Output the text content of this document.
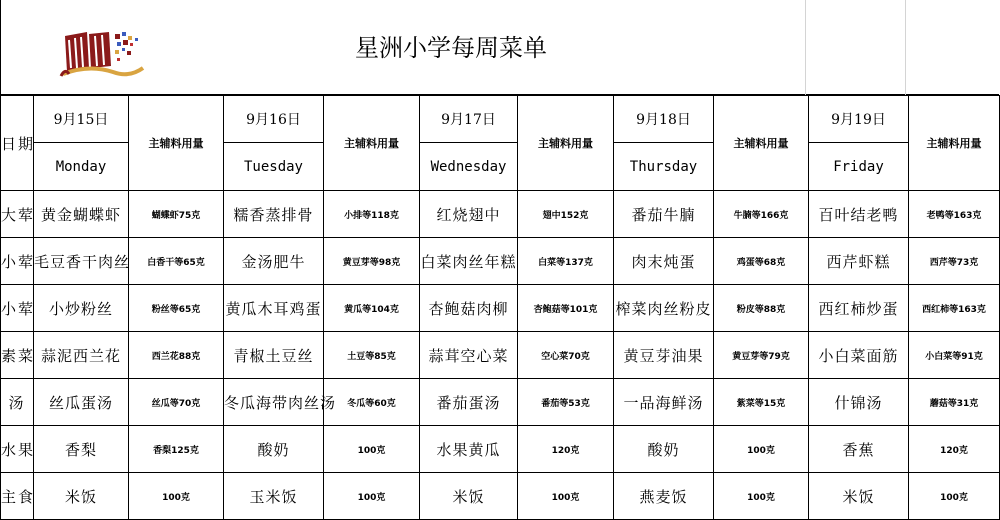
星洲小学每周菜单
日期	9月15日	主辅料用量	9月16日	主辅料用量	9月17日	主辅料用量	9月18日	主辅料用量	9月19日	主辅料用量
	Monday		Tuesday		Wednesday		Thursday		Friday	
大荤	黄金蝴蝶虾	蝴蝶虾75克	糯香蒸排骨	小排等118克	红烧翅中	翅中152克	番茄牛腩	牛腩等166克	百叶结老鸭	老鸭等163克
小荤	毛豆香干肉丝	白香干等65克	金汤肥牛	黄豆芽等98克	白菜肉丝年糕	白菜等137克	肉末炖蛋	鸡蛋等68克	西芹虾糕	西芹等73克
小荤	小炒粉丝	粉丝等65克	黄瓜木耳鸡蛋	黄瓜等104克	杏鲍菇肉柳	杏鲍菇等101克	榨菜肉丝粉皮	粉皮等88克	西红柿炒蛋	西红柿等163克
素菜	蒜泥西兰花	西兰花88克	青椒土豆丝	土豆等85克	蒜茸空心菜	空心菜70克	黄豆芽油果	黄豆芽等79克	小白菜面筋	小白菜等91克
汤	丝瓜蛋汤	丝瓜等70克	冬瓜海带肉丝汤	冬瓜等60克	番茄蛋汤	番茄等53克	一品海鲜汤	紫菜等15克	什锦汤	蘑菇等31克
水果	香梨	香梨125克	酸奶	100克	水果黄瓜	120克	酸奶	100克	香蕉	120克
主食	米饭	100克	玉米饭	100克	米饭	100克	燕麦饭	100克	米饭	100克
